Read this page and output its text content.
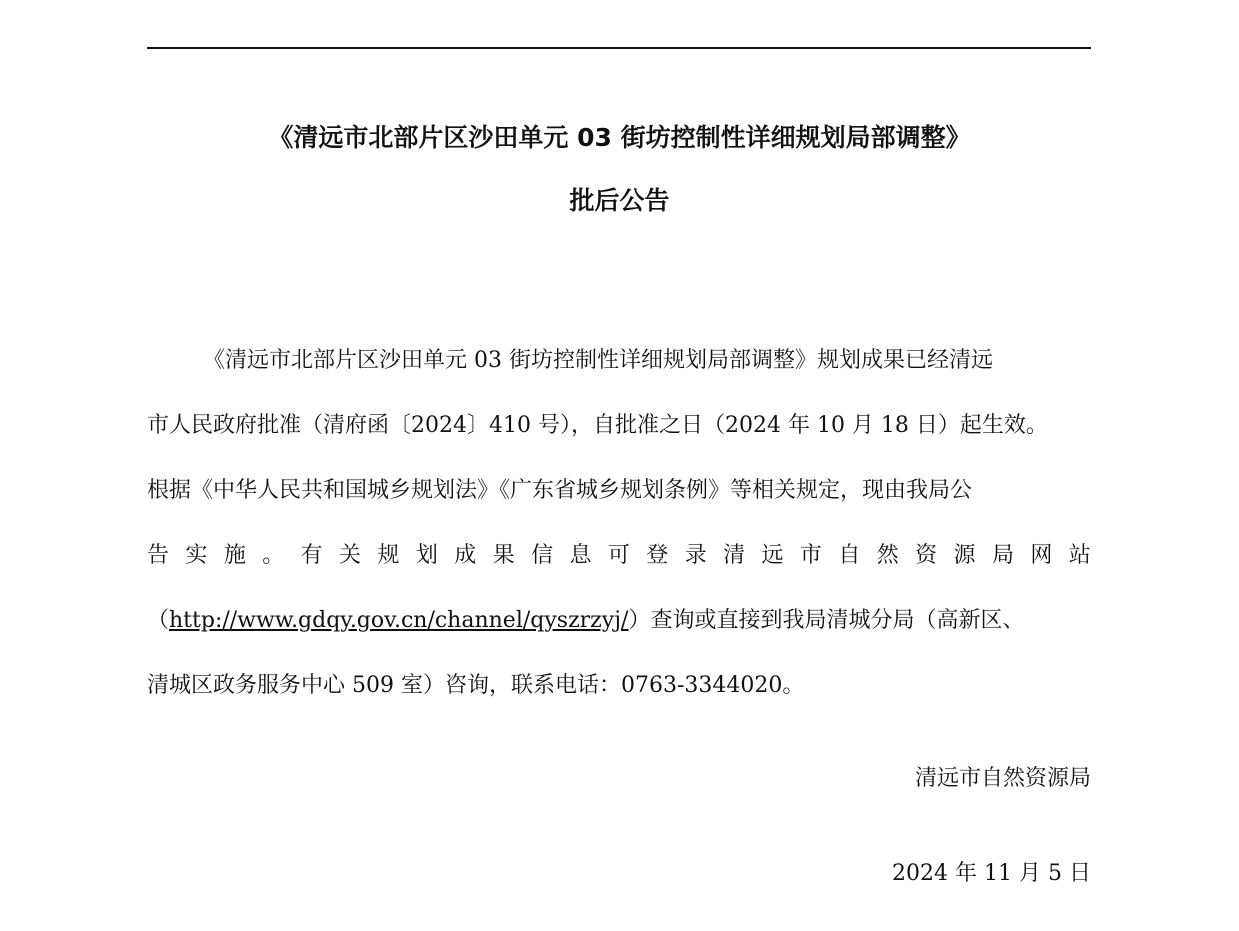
《清远市北部片区沙田单元 03 街坊控制性详细规划局部调整》
批后公告
《清远市北部片区沙田单元 03 街坊控制性详细规划局部调整》规划成果已经清远
市人民政府批准（清府函〔2024〕410 号），自批准之日（2024 年 10 月 18 日）起生效。
根据《中华人民共和国城乡规划法》《广东省城乡规划条例》等相关规定，现由我局公
告 实 施 。 有 关 规 划 成 果 信 息 可 登 录 清 远 市 自 然 资 源 局 网 站
（http://www.gdqy.gov.cn/channel/qyszrzyj/）查询或直接到我局清城分局（高新区、
清城区政务服务中心 509 室）咨询，联系电话：0763-3344020。
清远市自然资源局
2024 年 11 月 5 日
